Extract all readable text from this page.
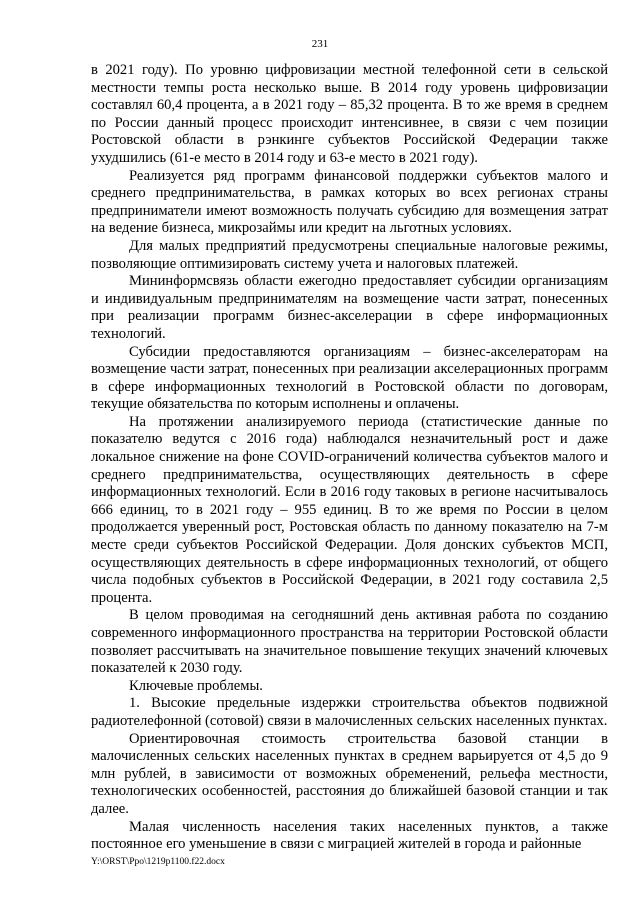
231

в 2021 году). По уровню цифровизации местной телефонной сети в сельской местности темпы роста несколько выше. В 2014 году уровень цифровизации составлял 60,4 процента, а в 2021 году – 85,32 процента. В то же время в среднем по России данный процесс происходит интенсивнее, в связи с чем позиции Ростовской области в рэнкинге субъектов Российской Федерации также ухудшились (61-е место в 2014 году и 63-е место в 2021 году).

Реализуется ряд программ финансовой поддержки субъектов малого и среднего предпринимательства, в рамках которых во всех регионах страны предприниматели имеют возможность получать субсидию для возмещения затрат на ведение бизнеса, микрозаймы или кредит на льготных условиях.

Для малых предприятий предусмотрены специальные налоговые режимы, позволяющие оптимизировать систему учета и налоговых платежей.

Мининформсвязь области ежегодно предоставляет субсидии организациям и индивидуальным предпринимателям на возмещение части затрат, понесенных при реализации программ бизнес-акселерации в сфере информационных технологий.

Субсидии предоставляются организациям – бизнес-акселераторам на возмещение части затрат, понесенных при реализации акселерационных программ в сфере информационных технологий в Ростовской области по договорам, текущие обязательства по которым исполнены и оплачены.

На протяжении анализируемого периода (статистические данные по показателю ведутся с 2016 года) наблюдался незначительный рост и даже локальное снижение на фоне COVID-ограничений количества субъектов малого и среднего предпринимательства, осуществляющих деятельность в сфере информационных технологий. Если в 2016 году таковых в регионе насчитывалось 666 единиц, то в 2021 году – 955 единиц. В то же время по России в целом продолжается уверенный рост, Ростовская область по данному показателю на 7-м месте среди субъектов Российской Федерации. Доля донских субъектов МСП, осуществляющих деятельность в сфере информационных технологий, от общего числа подобных субъектов в Российской Федерации, в 2021 году составила 2,5 процента.

В целом проводимая на сегодняшний день активная работа по созданию современного информационного пространства на территории Ростовской области позволяет рассчитывать на значительное повышение текущих значений ключевых показателей к 2030 году.

Ключевые проблемы.

1. Высокие предельные издержки строительства объектов подвижной радиотелефонной (сотовой) связи в малочисленных сельских населенных пунктах.

Ориентировочная стоимость строительства базовой станции в малочисленных сельских населенных пунктах в среднем варьируется от 4,5 до 9 млн рублей, в зависимости от возможных обременений, рельефа местности, технологических особенностей, расстояния до ближайшей базовой станции и так далее.

Малая численность населения таких населенных пунктов, а также постоянное его уменьшение в связи с миграцией жителей в города и районные

Y:\ORST\Ppo\1219p1100.f22.docx
